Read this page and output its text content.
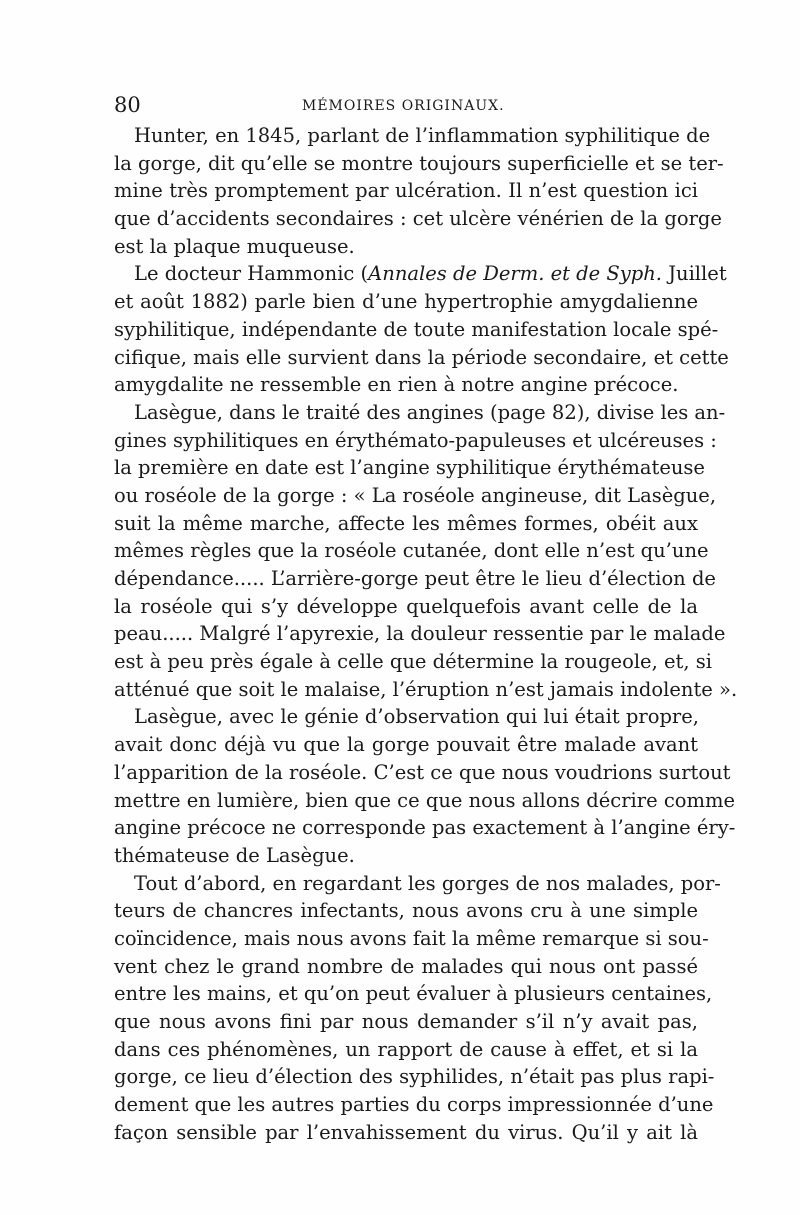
80	MÉMOIRES ORIGINAUX.
Hunter, en 1845, parlant de l’inflammation syphilitique de
la gorge, dit qu’elle se montre toujours superficielle et se ter-
mine très promptement par ulcération. Il n’est question ici
que d’accidents secondaires : cet ulcère vénérien de la gorge
est la plaque muqueuse.
Le docteur Hammonic (Annales de Derm. et de Syph. Juillet
et août 1882) parle bien d’une hypertrophie amygdalienne
syphilitique, indépendante de toute manifestation locale spé-
cifique, mais elle survient dans la période secondaire, et cette
amygdalite ne ressemble en rien à notre angine précoce.
Lasègue, dans le traité des angines (page 82), divise les an-
gines syphilitiques en érythémato-papuleuses et ulcéreuses :
la première en date est l’angine syphilitique érythémateuse
ou roséole de la gorge : « La roséole angineuse, dit Lasègue,
suit la même marche, affecte les mêmes formes, obéit aux
mêmes règles que la roséole cutanée, dont elle n’est qu’une
dépendance..... L’arrière-gorge peut être le lieu d’élection de
la roséole qui s’y développe quelquefois avant celle de la
peau..... Malgré l’apyrexie, la douleur ressentie par le malade
est à peu près égale à celle que détermine la rougeole, et, si
atténué que soit le malaise, l’éruption n’est jamais indolente ».
Lasègue, avec le génie d’observation qui lui était propre,
avait donc déjà vu que la gorge pouvait être malade avant
l’apparition de la roséole. C’est ce que nous voudrions surtout
mettre en lumière, bien que ce que nous allons décrire comme
angine précoce ne corresponde pas exactement à l’angine éry-
thémateuse de Lasègue.
Tout d’abord, en regardant les gorges de nos malades, por-
teurs de chancres infectants, nous avons cru à une simple
coïncidence, mais nous avons fait la même remarque si sou-
vent chez le grand nombre de malades qui nous ont passé
entre les mains, et qu’on peut évaluer à plusieurs centaines,
que nous avons fini par nous demander s’il n’y avait pas,
dans ces phénomènes, un rapport de cause à effet, et si la
gorge, ce lieu d’élection des syphilides, n’était pas plus rapi-
dement que les autres parties du corps impressionnée d’une
façon sensible par l’envahissement du virus. Qu’il y ait là
